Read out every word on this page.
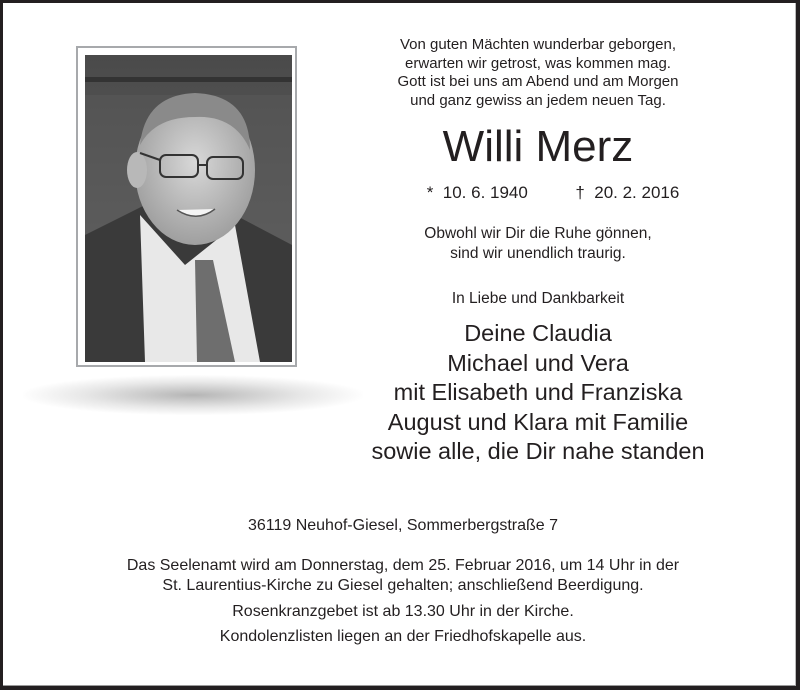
Von guten Mächten wunderbar geborgen,
erwarten wir getrost, was kommen mag.
Gott ist bei uns am Abend und am Morgen
und ganz gewiss an jedem neuen Tag.
Willi Merz
* 10. 6. 1940	† 20. 2. 2016
Obwohl wir Dir die Ruhe gönnen,
sind wir unendlich traurig.
In Liebe und Dankbarkeit
Deine Claudia
Michael und Vera
mit Elisabeth und Franziska
August und Klara mit Familie
sowie alle, die Dir nahe standen
36119 Neuhof-Giesel, Sommerbergstraße 7
Das Seelenamt wird am Donnerstag, dem 25. Februar 2016, um 14 Uhr in der
St. Laurentius-Kirche zu Giesel gehalten; anschließend Beerdigung.
Rosenkranzgebet ist ab 13.30 Uhr in der Kirche.
Kondolenzlisten liegen an der Friedhofskapelle aus.
